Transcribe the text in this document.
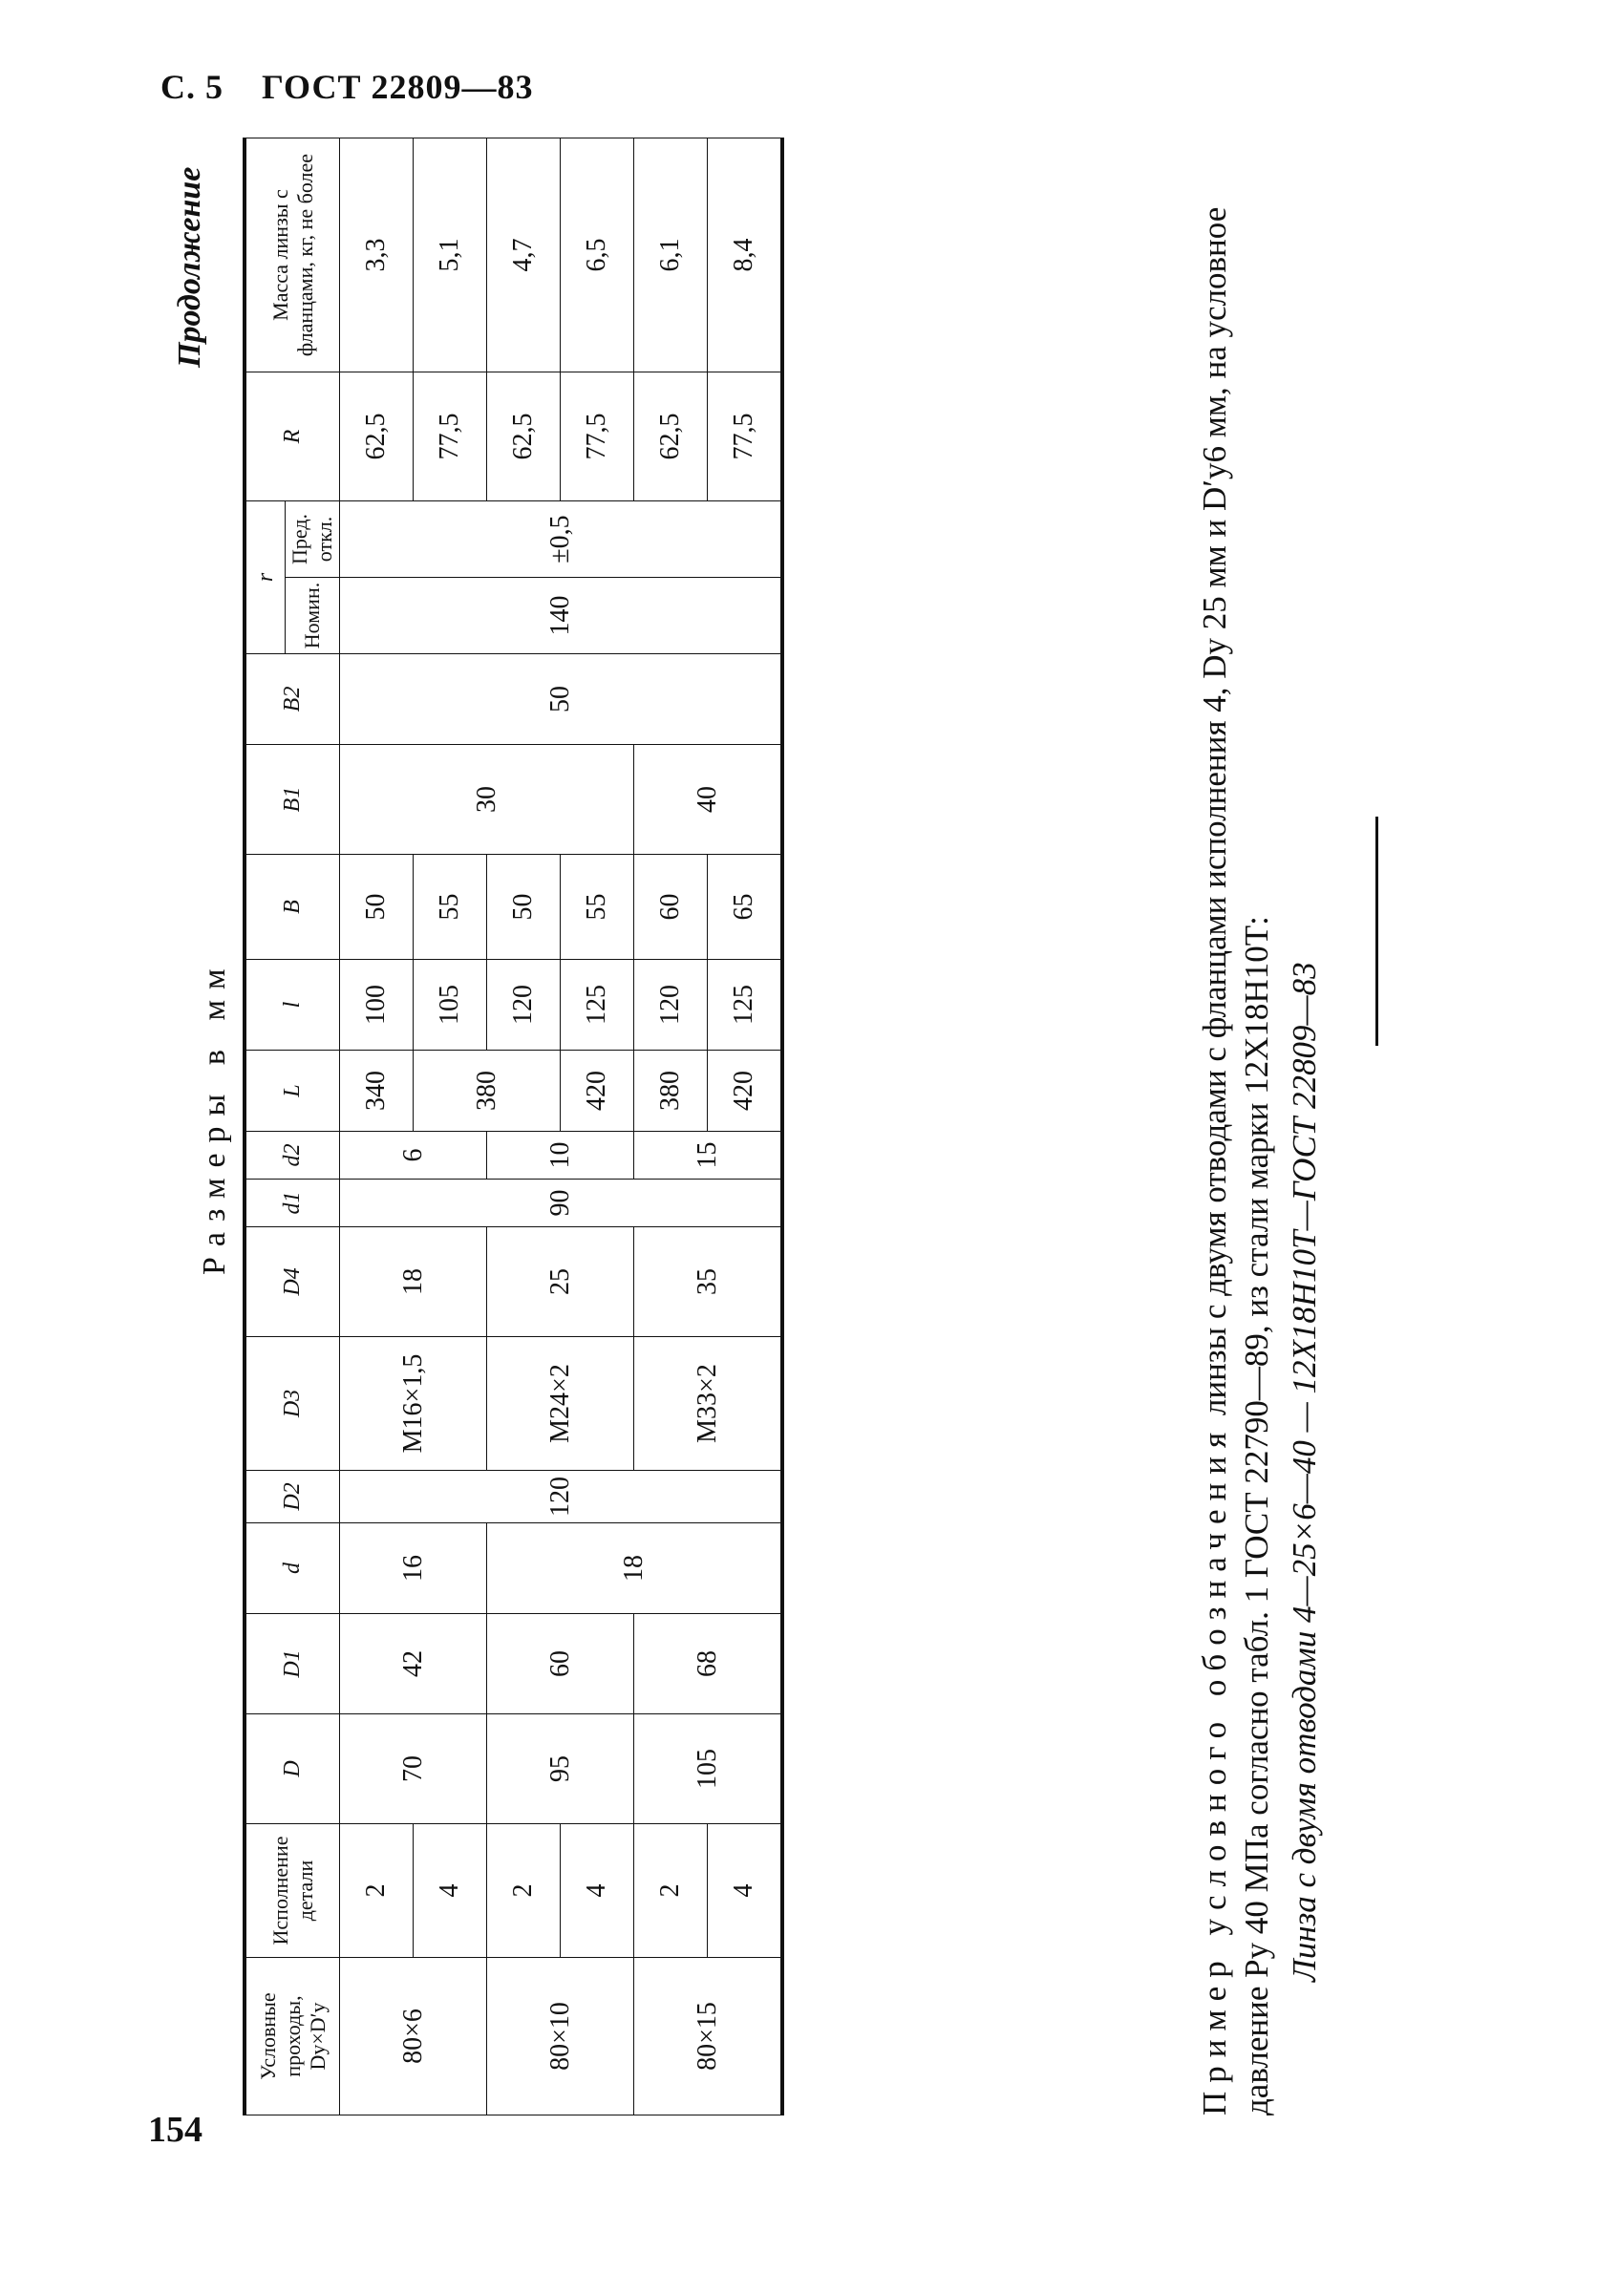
С. 5 ГОСТ 22809—83
Продолжение
Размеры в мм
Условные проходы, Dу×D′у	Исполнение детали	D	D1	d	D2	D3	D4	d1	d2	L	l	B	B1	B2	r		R	Масса линзы с фланцами, кг, не более
															Номин.	Пред. откл.		
80×6	2	70	42	16	120	M16×1,5	18	90	6	340	100	50	30	50	140	±0,5	62,5	3,3
	4									380	105	55					77,5	5,1
80×10	2	95	60	18		M24×2	25		10		120	50					62,5	4,7
	4									420	125	55					77,5	6,5
80×15	2	105	68			M33×2	35		15	380	120	60	40				62,5	6,1
	4									420	125	65					77,5	8,4
Пример условного обозначения линзы с двумя отводами с фланцами исполнения 4, Dу 25 мм и D′у6 мм, на условное давление Pу 40 МПа согласно табл. 1 ГОСТ 22790—89, из стали марки 12Х18Н10Т: Линза с двумя отводами 4—25×6—40 — 12Х18Н10Т—ГОСТ 22809—83
154
